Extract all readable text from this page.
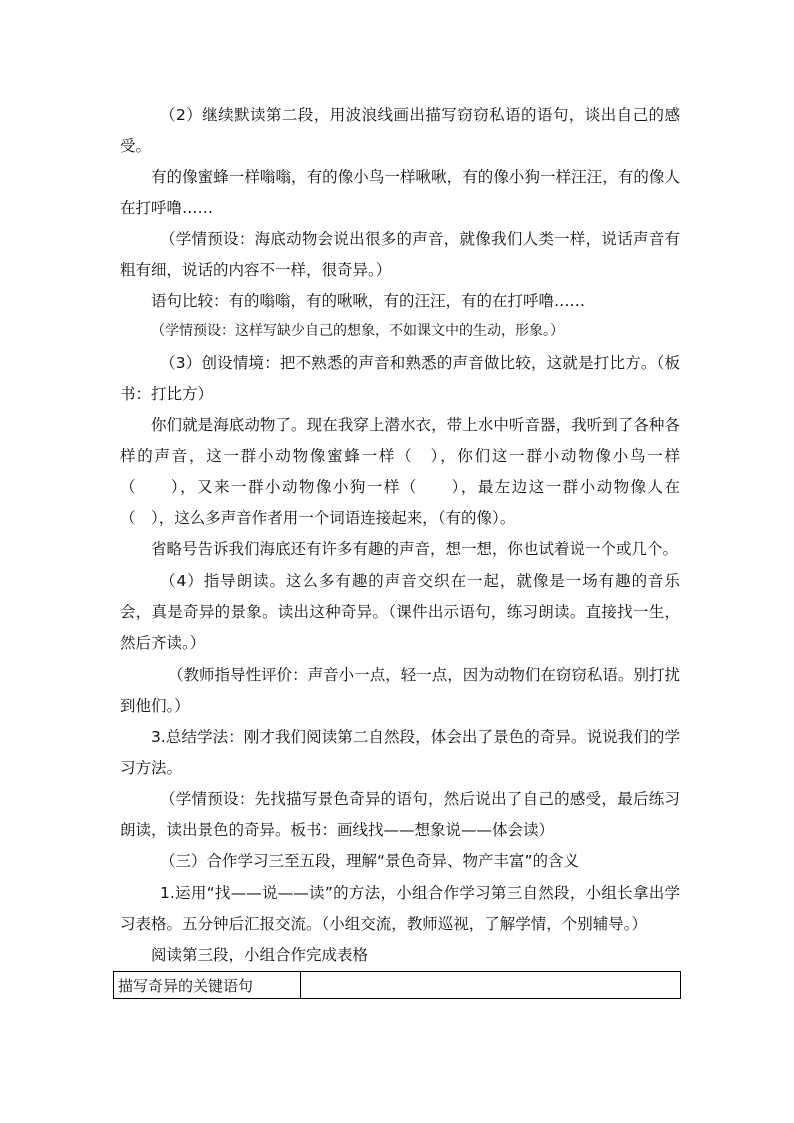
（2）继续默读第二段，用波浪线画出描写窃窃私语的语句，谈出自己的感受。

有的像蜜蜂一样嗡嗡，有的像小鸟一样啾啾，有的像小狗一样汪汪，有的像人在打呼噜……

（学情预设：海底动物会说出很多的声音，就像我们人类一样，说话声音有粗有细，说话的内容不一样，很奇异。）

语句比较：有的嗡嗡，有的啾啾，有的汪汪，有的在打呼噜……

（学情预设：这样写缺少自己的想象，不如课文中的生动，形象。）

（3）创设情境：把不熟悉的声音和熟悉的声音做比较，这就是打比方。（板书：打比方）

你们就是海底动物了。现在我穿上潜水衣，带上水中听音器，我听到了各种各样的声音，这一群小动物像蜜蜂一样（　），你们这一群小动物像小鸟一样（　　），又来一群小动物像小狗一样（　　），最左边这一群小动物像人在（　），这么多声音作者用一个词语连接起来，（有的像）。

省略号告诉我们海底还有许多有趣的声音，想一想，你也试着说一个或几个。

（4）指导朗读。这么多有趣的声音交织在一起，就像是一场有趣的音乐会，真是奇异的景象。读出这种奇异。（课件出示语句，练习朗读。直接找一生，然后齐读。）

（教师指导性评价：声音小一点，轻一点，因为动物们在窃窃私语。别打扰到他们。）

3.总结学法：刚才我们阅读第二自然段，体会出了景色的奇异。说说我们的学习方法。

（学情预设：先找描写景色奇异的语句，然后说出了自己的感受，最后练习朗读，读出景色的奇异。板书：画线找——想象说——体会读）

（三）合作学习三至五段，理解“景色奇异、物产丰富”的含义

1.运用“找——说——读”的方法，小组合作学习第三自然段，小组长拿出学习表格。五分钟后汇报交流。（小组交流，教师巡视，了解学情，个别辅导。）

阅读第三段，小组合作完成表格

描写奇异的关键语句	
